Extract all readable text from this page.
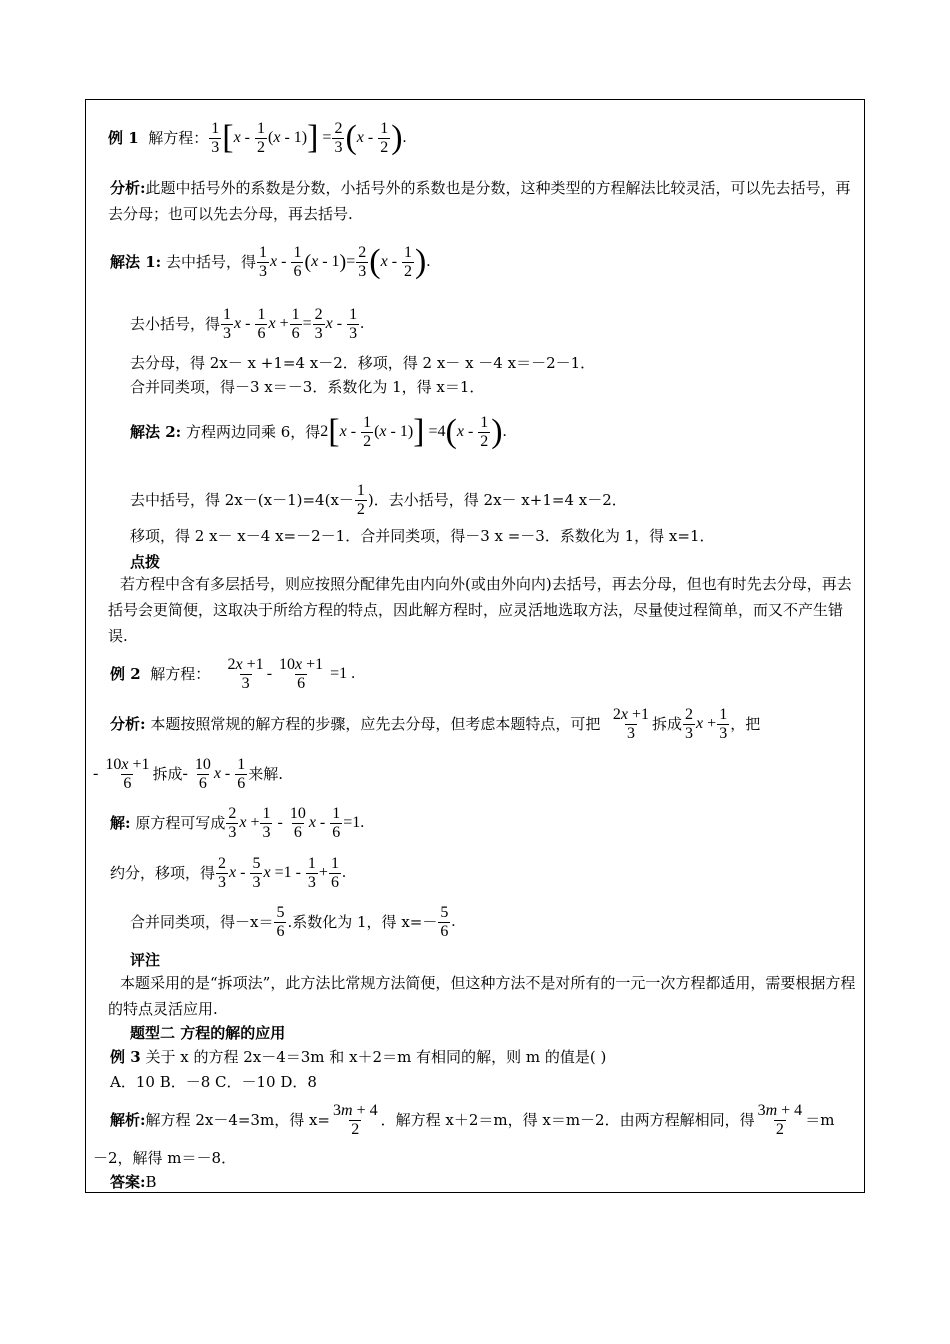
例 1
解方程： $\frac{1}{3}$ [ x - $\frac{1}{2} (x - 1)$ ] = $\frac{2}{3}$ ( x - $\frac{1}{2}$ ) .
分析:此题中括号外的系数是分数，小括号外的系数也是分数，这种类型的方程解法比较灵活，可以先去括号，再去分母；也可以先去分母，再去括号.
解法 1:
去中括号，得 $\frac{1}{3}$ x - $\frac{1}{6}$ ( x - 1 ) = $\frac{2}{3}$ ( x - $\frac{1}{2}$ ) .
去小括号，得 $\frac{1}{3}$ x - $\frac{1}{6}$ $x + \frac{1}{6} = \frac{2}{3}$ x - $\frac{1}{3}$ .
去分母，得 2x－ x +1=4 x－2．移项，得 2 x－ x －4 x＝－2－1．
合并同类项，得－3 x＝－3．系数化为 1，得 x＝1．
解法 2:
方程两边同乘 6，得 2 [ x - $\frac{1}{2} (x - 1)$ ] =4 ( x - $\frac{1}{2}$ ) .
去中括号，得 $2x-(x-1)=4(x- \frac{1}{2}$ )．去小括号，得 2x－ x+1=4 x－2．
移项，得 2 x－ x－4 x=－2－1．合并同类项，得－3 x =－3．系数化为 1，得 x=1．
点拨
若方程中含有多层括号，则应按照分配律先由内向外(或由外向内)去括号，再去分母，但也有时先去分母，再去括号会更简便，这取决于所给方程的特点，因此解方程时，应灵活地选取方法，尽量使过程简单，而又不产生错误.
例 2
解方程：
$\frac{2x +1}{3} - \frac{10x +1}{6} =1$ .
分析:
本题按照常规的解方程的步骤，应先去分母，但考虑本题特点，可把
$\frac{2x +1}{3}$ 拆成 $\frac{2}{3}$ $x + \frac{1}{3}$ ，把
- $\frac{10x +1}{6}$ 拆成 - $\frac{10}{6}$ x - $\frac{1}{6}$ 来解.
解:
原方程可写成 $\frac{2}{3}$ $x + \frac{1}{3} - \frac{10}{6}$ $x - \frac{1}{6} =1$.
约分，移项，得 $\frac{2}{3}$ x - $\frac{5}{3}$ $x =1 - \frac{1}{3} + \frac{1}{6}$ .
合并同类项，得$-x= \frac{5}{6}$ .系数化为 1，得 $x=- \frac{5}{6}$ .
评注
本题采用的是“拆项法”，此方法比常规方法简便，但这种方法不是对所有的一元一次方程都适用，需要根据方程的特点灵活应用.
题型二 方程的解的应用
例 3 关于 x 的方程 2x－4＝3m 和 x＋2＝m 有相同的解，则 m 的值是( )
A．10 B．－8 C．－10 D．8
解析: 解方程 2x－4=3m，得 $x= \frac{3m + 4}{2}$ ．解方程 x＋2＝m，得 x＝m－2．由两方程解相同，得 $\frac{3m + 4}{2} =m$
－2，解得 m＝－8．
答案:B
